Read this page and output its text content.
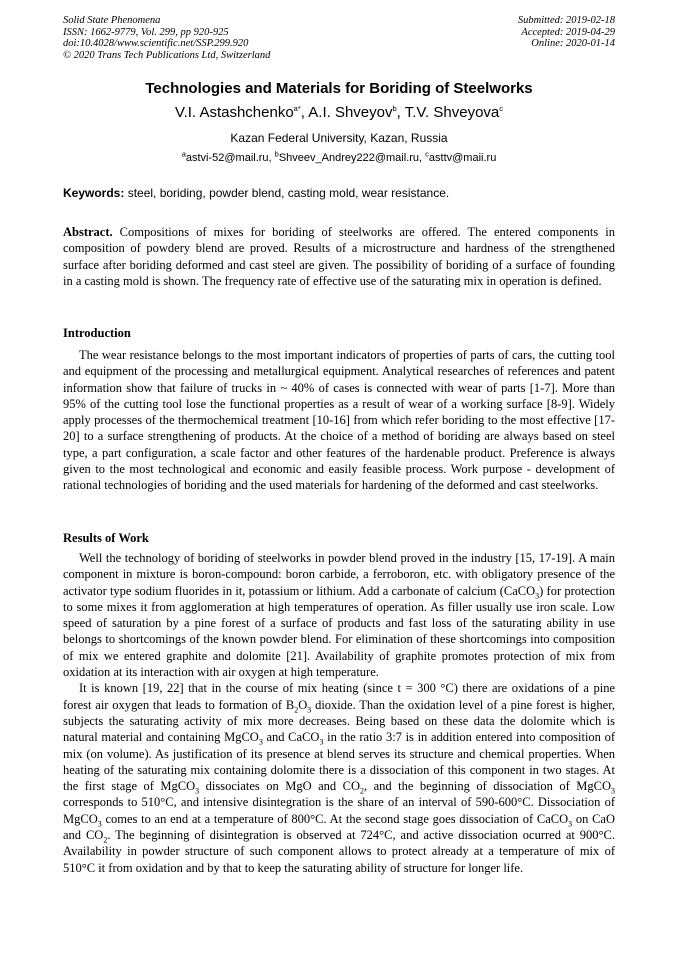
Solid State Phenomena
ISSN: 1662-9779, Vol. 299, pp 920-925
doi:10.4028/www.scientific.net/SSP.299.920
© 2020 Trans Tech Publications Ltd, Switzerland
Submitted: 2019-02-18
Accepted: 2019-04-29
Online: 2020-01-14
Technologies and Materials for Boriding of Steelworks
V.I. Astashchenko$^{a*}$, A.I. Shveyov$^b$, T.V. Shveyova$^c$
Kazan Federal University, Kazan, Russia
$^a$astvi-52@mail.ru, $^b$Shveev_Andrey222@mail.ru, $^c$asttv@maii.ru
Keywords: steel, boriding, powder blend, casting mold, wear resistance.
Abstract. Compositions of mixes for boriding of steelworks are offered. The entered components in composition of powdery blend are proved. Results of a microstructure and hardness of the strengthened surface after boriding deformed and cast steel are given. The possibility of boriding of a surface of founding in a casting mold is shown. The frequency rate of effective use of the saturating mix in operation is defined.
Introduction
The wear resistance belongs to the most important indicators of properties of parts of cars, the cutting tool and equipment of the processing and metallurgical equipment. Analytical researches of references and patent information show that failure of trucks in ~ 40% of cases is connected with wear of parts [1-7]. More than 95% of the cutting tool lose the functional properties as a result of wear of a working surface [8-9]. Widely apply processes of the thermochemical treatment [10-16] from which refer boriding to the most effective [17-20] to a surface strengthening of products. At the choice of a method of boriding are always based on steel type, a part configuration, a scale factor and other features of the hardenable product. Preference is always given to the most technological and economic and easily feasible process. Work purpose - development of rational technologies of boriding and the used materials for hardening of the deformed and cast steelworks.
Results of Work

Well the technology of boriding of steelworks in powder blend proved in the industry [15, 17-19]. A main component in mixture is boron-compound: boron carbide, a ferroboron, etc. with obligatory presence of the activator type sodium fluorides in it, potassium or lithium. Add a carbonate of calcium (CaCO$_3$) for protection to some mixes it from agglomeration at high temperatures of operation. As filler usually use iron scale. Low speed of saturation by a pine forest of a surface of products and fast loss of the saturating ability in use belongs to shortcomings of the known powder blend. For elimination of these shortcomings into composition of mix we entered graphite and dolomite [21]. Availability of graphite promotes protection of mix from oxidation at its interaction with air oxygen at high temperature.

It is known [19, 22] that in the course of mix heating (since t = 300 °C) there are oxidations of a pine forest air oxygen that leads to formation of $B_2O_3$ dioxide. Than the oxidation level of a pine forest is higher, subjects the saturating activity of mix more decreases. Being based on these data the dolomite which is natural material and containing MgCO$_3$ and CaCO$_3$ in the ratio 3:7 is in addition entered into composition of mix (on volume). As justification of its presence at blend serves its structure and chemical properties. When heating of the saturating mix containing dolomite there is a dissociation of this component in two stages. At the first stage of MgCO$_3$ dissociates on MgO and $CO_2$, and the beginning of dissociation of MgCO$_3$ corresponds to 510°C, and intensive disintegration is the share of an interval of 590-600°C. Dissociation of MgCO$_3$ comes to an end at a temperature of 800°C. At the second stage goes dissociation of CaCO$_3$ on CaO and $CO_2$. The beginning of disintegration is observed at 724°C, and active dissociation ocurred at 900°C. Availability in powder structure of such component allows to protect already at a temperature of mix of 510°C it from oxidation and by that to keep the saturating ability of structure for longer life.
